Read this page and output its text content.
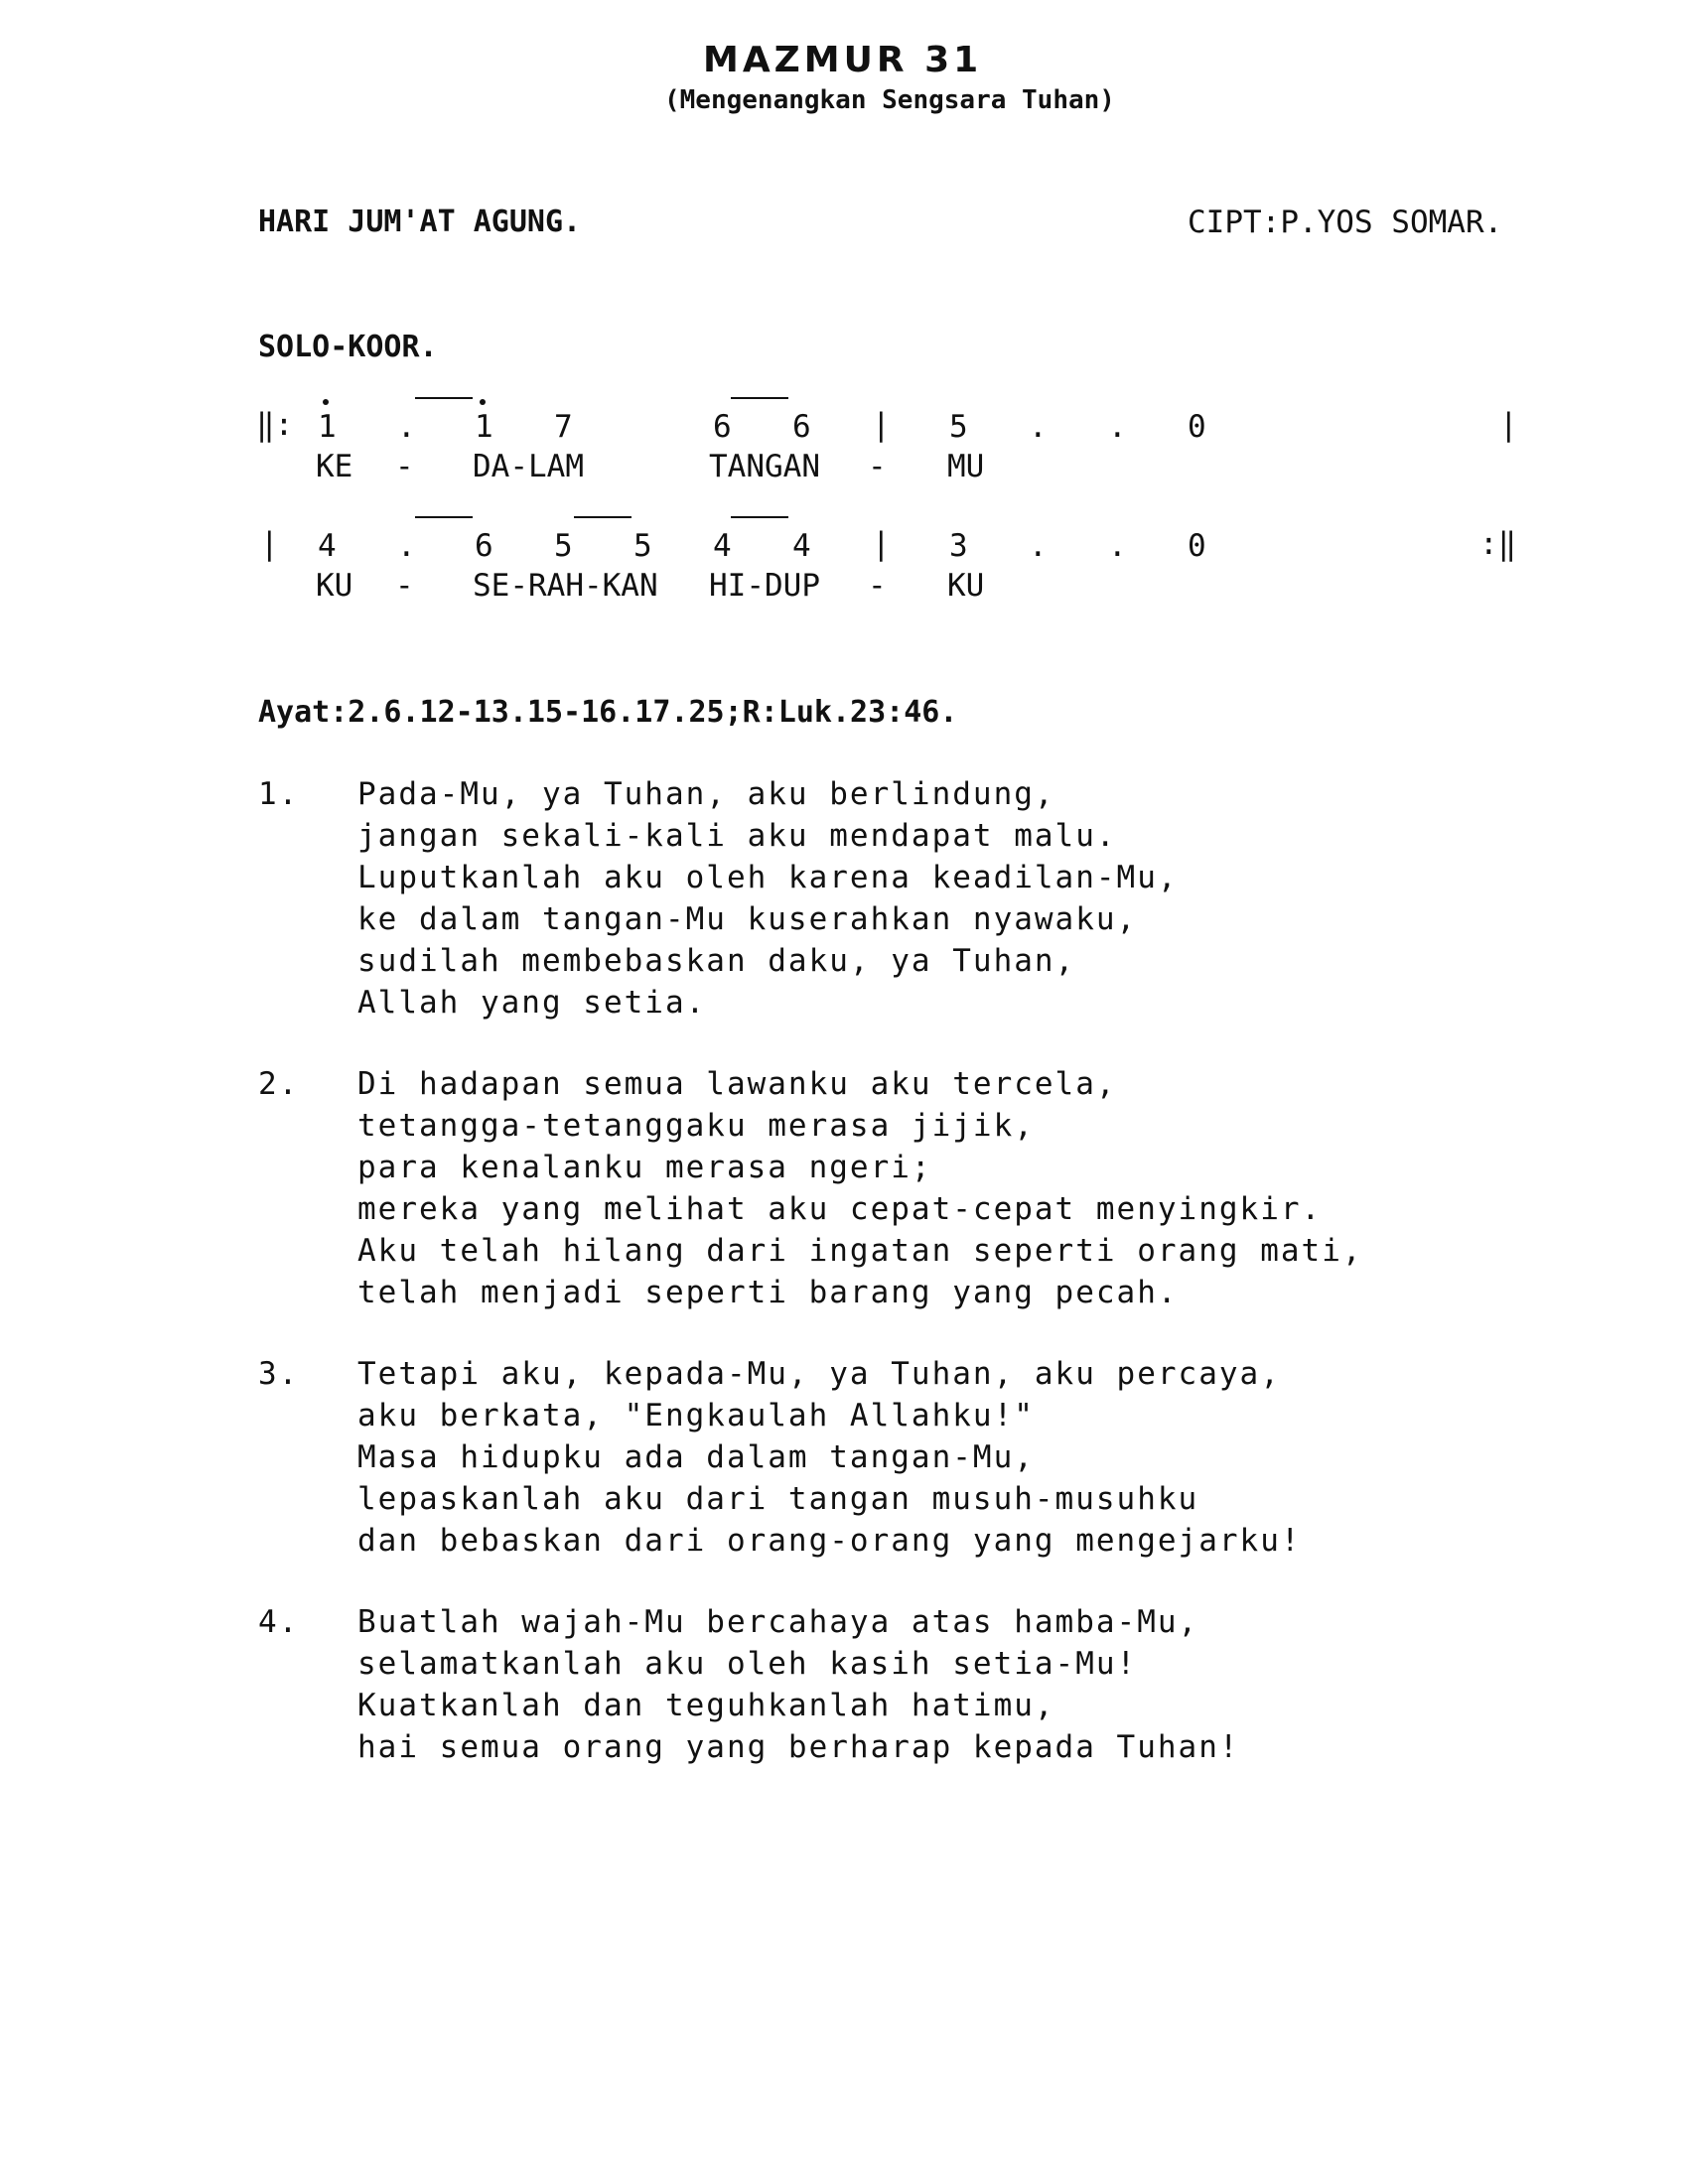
MAZMUR 31
(Mengenangkan Sengsara Tuhan)
HARI JUM'AT AGUNG.	CIPT:P.YOS SOMAR.
SOLO-KOOR.
‖: 1 . 1 7	6 6 | 5 . . 0	|
KE - DA-LAM	TANGAN - MU
| 4 . 6 5 5 4 4 | 3 . . 0	:‖
KU - SE-RAH-KAN HI-DUP - KU
Ayat:2.6.12-13.15-16.17.25;R:Luk.23:46.
1. Pada-Mu, ya Tuhan, aku berlindung,
jangan sekali-kali aku mendapat malu.
Luputkanlah aku oleh karena keadilan-Mu,
ke dalam tangan-Mu kuserahkan nyawaku,
sudilah membebaskan daku, ya Tuhan,
Allah yang setia.
2. Di hadapan semua lawanku aku tercela,
tetangga-tetanggaku merasa jijik,
para kenalanku merasa ngeri;
mereka yang melihat aku cepat-cepat menyingkir.
Aku telah hilang dari ingatan seperti orang mati,
telah menjadi seperti barang yang pecah.
3. Tetapi aku, kepada-Mu, ya Tuhan, aku percaya,
aku berkata, "Engkaulah Allahku!"
Masa hidupku ada dalam tangan-Mu,
lepaskanlah aku dari tangan musuh-musuhku
dan bebaskan dari orang-orang yang mengejarku!
4. Buatlah wajah-Mu bercahaya atas hamba-Mu,
selamatkanlah aku oleh kasih setia-Mu!
Kuatkanlah dan teguhkanlah hatimu,
hai semua orang yang berharap kepada Tuhan!
